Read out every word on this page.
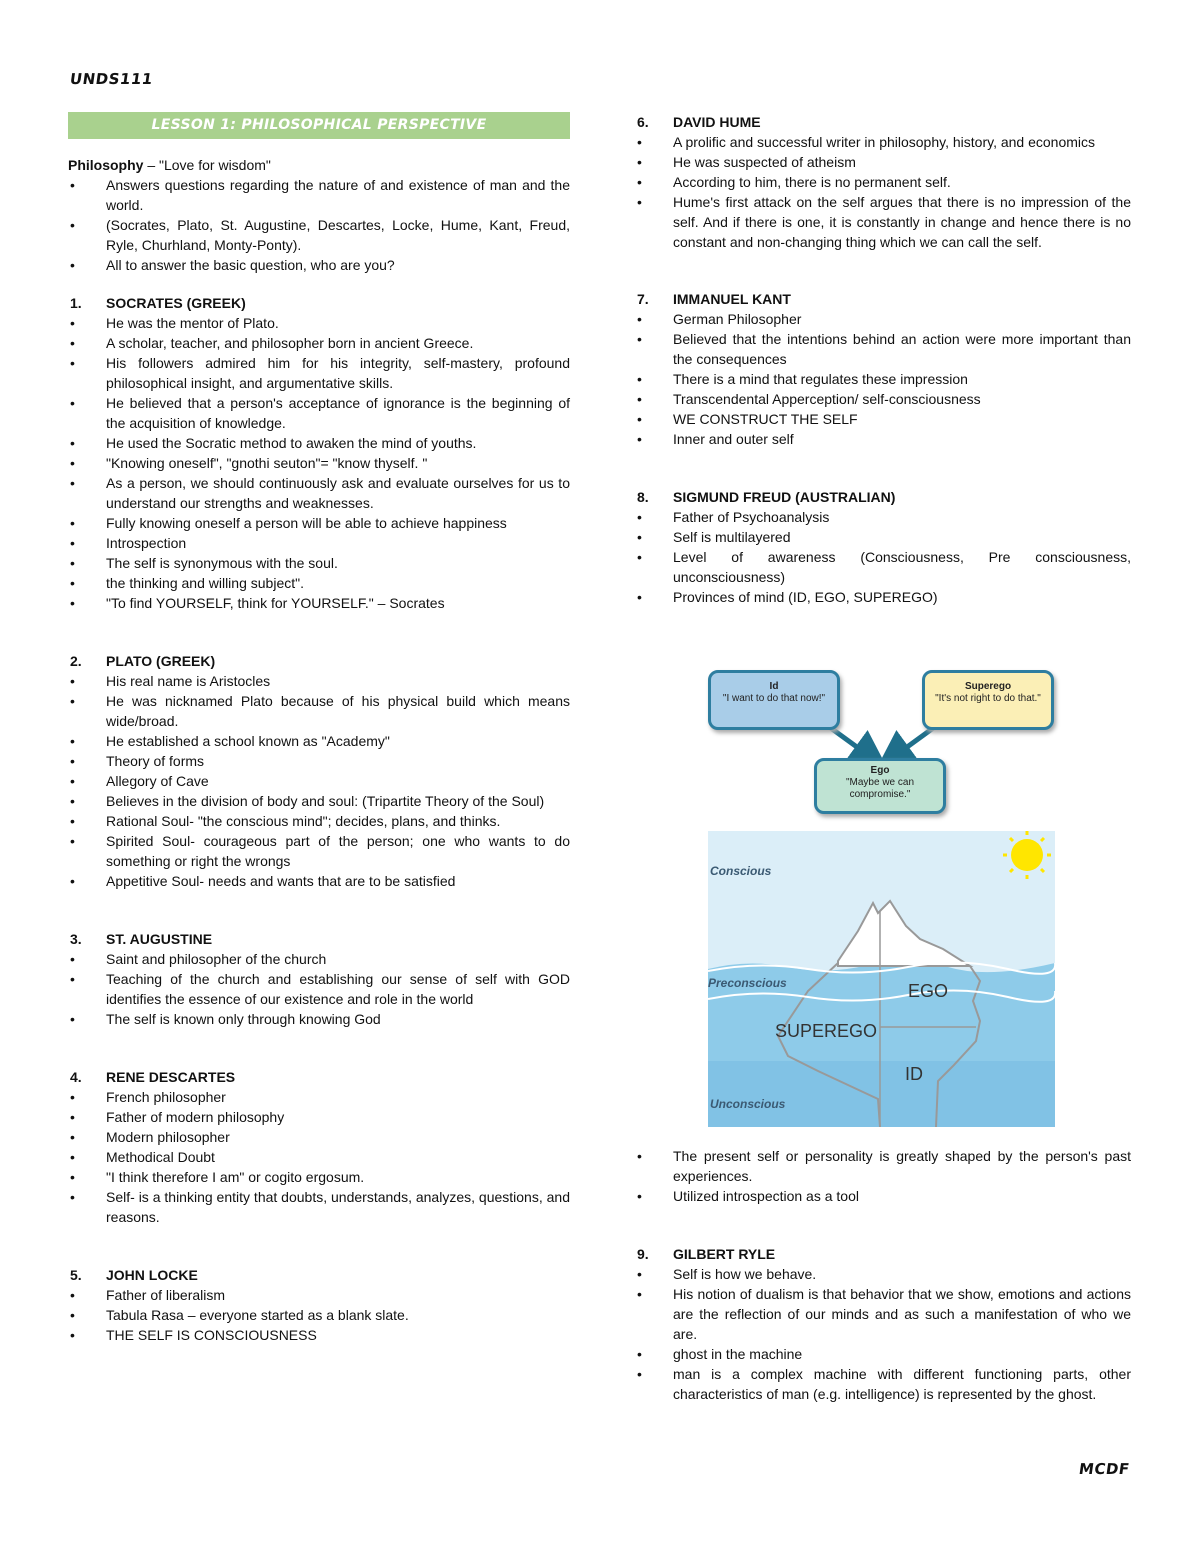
UNDS111
LESSON 1: PHILOSOPHICAL PERSPECTIVE
Philosophy – "Love for wisdom"
• Answers questions regarding the nature of and existence of man and the world.
• (Socrates, Plato, St. Augustine, Descartes, Locke, Hume, Kant, Freud, Ryle, Churhland, Monty-Ponty).
• All to answer the basic question, who are you?
1. SOCRATES (GREEK)
• He was the mentor of Plato.
• A scholar, teacher, and philosopher born in ancient Greece.
• His followers admired him for his integrity, self-mastery, profound philosophical insight, and argumentative skills.
• He believed that a person's acceptance of ignorance is the beginning of the acquisition of knowledge.
• He used the Socratic method to awaken the mind of youths.
• "Knowing oneself", "gnothi seuton"= "know thyself. "
• As a person, we should continuously ask and evaluate ourselves for us to understand our strengths and weaknesses.
• Fully knowing oneself a person will be able to achieve happiness
• Introspection
• The self is synonymous with the soul.
• the thinking and willing subject".
• "To find YOURSELF, think for YOURSELF." – Socrates
2. PLATO (GREEK)
• His real name is Aristocles
• He was nicknamed Plato because of his physical build which means wide/broad.
• He established a school known as "Academy"
• Theory of forms
• Allegory of Cave
• Believes in the division of body and soul: (Tripartite Theory of the Soul)
• Rational Soul- "the conscious mind"; decides, plans, and thinks.
• Spirited Soul- courageous part of the person; one who wants to do something or right the wrongs
• Appetitive Soul- needs and wants that are to be satisfied
3. ST. AUGUSTINE
• Saint and philosopher of the church
• Teaching of the church and establishing our sense of self with GOD identifies the essence of our existence and role in the world
• The self is known only through knowing God
4. RENE DESCARTES
• French philosopher
• Father of modern philosophy
• Modern philosopher
• Methodical Doubt
• "I think therefore I am" or cogito ergosum.
• Self- is a thinking entity that doubts, understands, analyzes, questions, and reasons.
5. JOHN LOCKE
• Father of liberalism
• Tabula Rasa – everyone started as a blank slate.
• THE SELF IS CONSCIOUSNESS
6. DAVID HUME
• A prolific and successful writer in philosophy, history, and economics
• He was suspected of atheism
• According to him, there is no permanent self.
• Hume's first attack on the self argues that there is no impression of the self. And if there is one, it is constantly in change and hence there is no constant and non-changing thing which we can call the self.
7. IMMANUEL KANT
• German Philosopher
• Believed that the intentions behind an action were more important than the consequences
• There is a mind that regulates these impression
• Transcendental Apperception/ self-consciousness
• WE CONSTRUCT THE SELF
• Inner and outer self
8. SIGMUND FREUD (AUSTRALIAN)
• Father of Psychoanalysis
• Self is multilayered
• Level of awareness (Consciousness, Pre consciousness, unconsciousness)
• Provinces of mind (ID, EGO, SUPEREGO)
Id
"I want to do that now!"
Superego
"It's not right to do that."
Ego
"Maybe we can
compromise."
Conscious
Preconscious
Unconscious
EGO
SUPEREGO
ID
• The present self or personality is greatly shaped by the person's past experiences.
• Utilized introspection as a tool
9. GILBERT RYLE
• Self is how we behave.
• His notion of dualism is that behavior that we show, emotions and actions are the reflection of our minds and as such a manifestation of who we are.
• ghost in the machine
• man is a complex machine with different functioning parts, other characteristics of man (e.g. intelligence) is represented by the ghost.
MCDF
